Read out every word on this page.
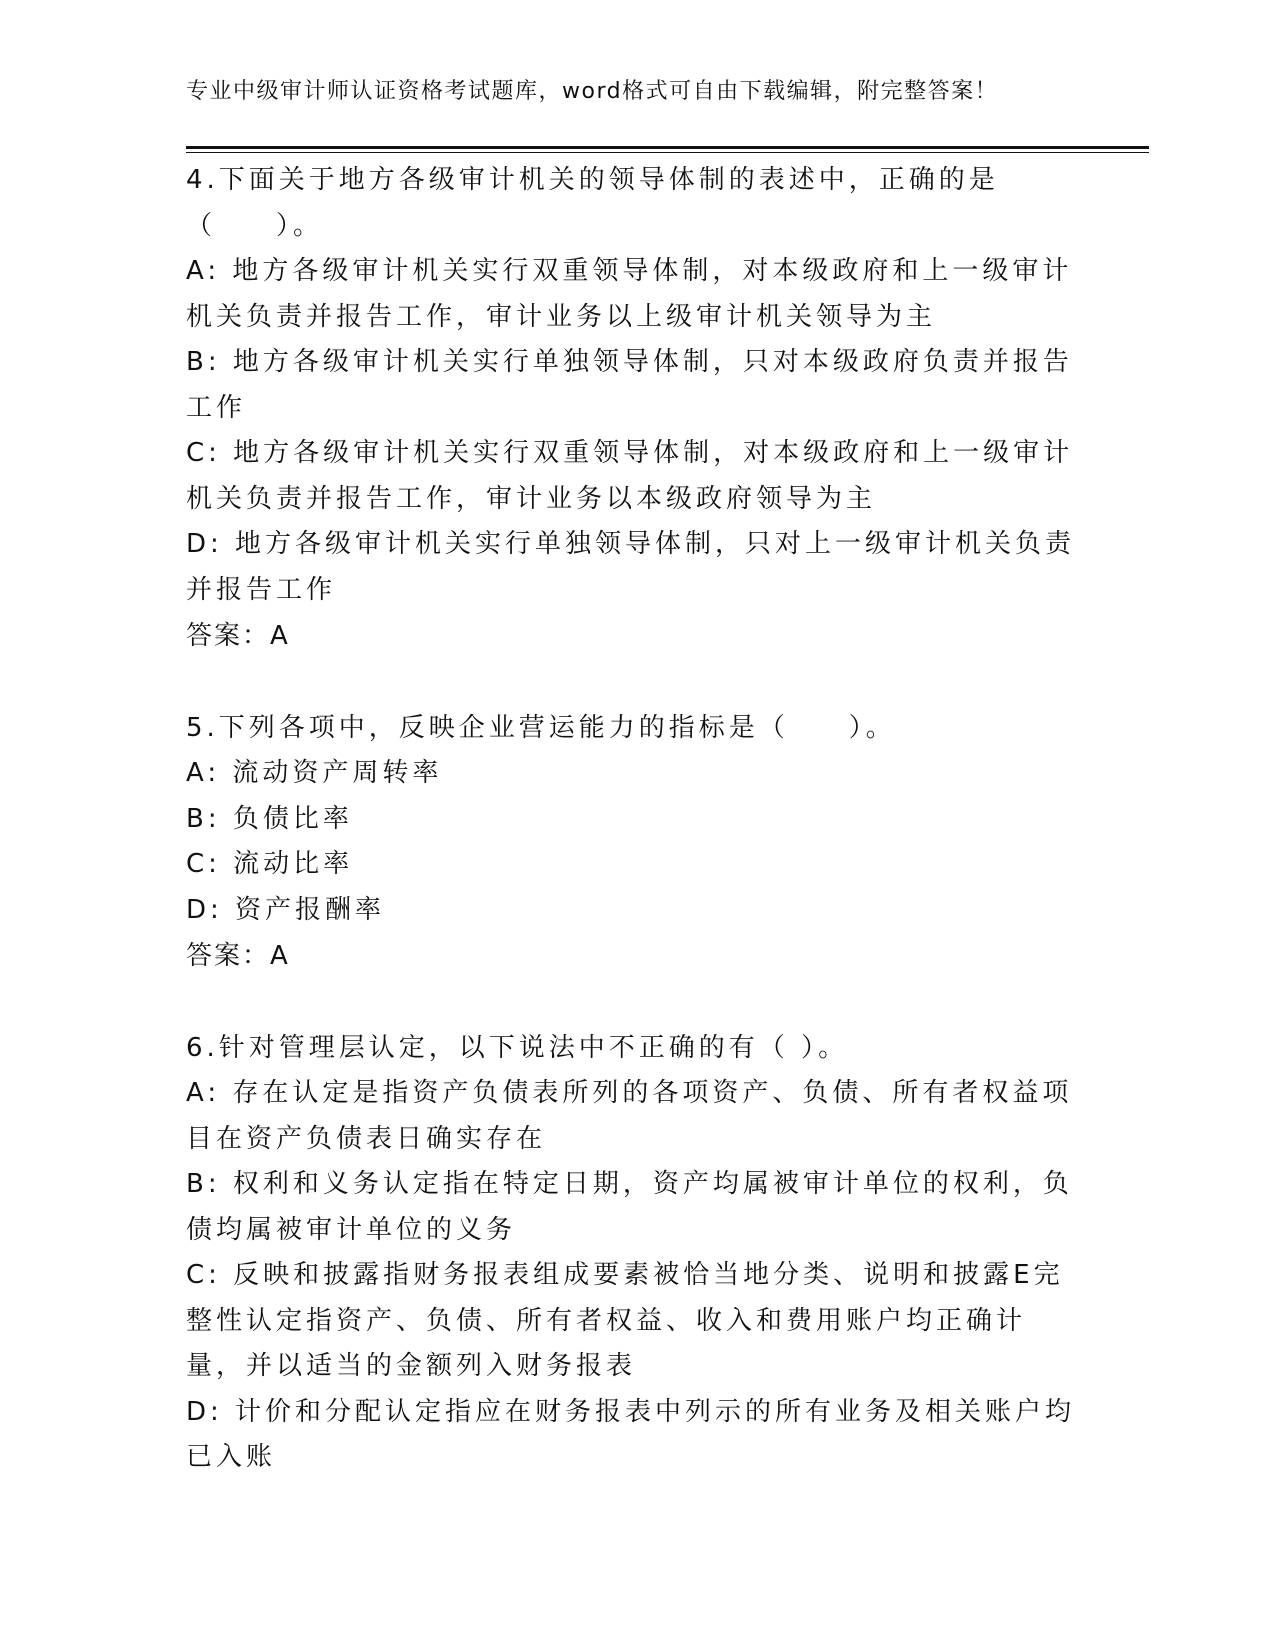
专业中级审计师认证资格考试题库，word格式可自由下载编辑，附完整答案！

4.下面关于地方各级审计机关的领导体制的表述中，正确的是（　　）。

A: 地方各级审计机关实行双重领导体制，对本级政府和上一级审计机关负责并报告工作，审计业务以上级审计机关领导为主

B: 地方各级审计机关实行单独领导体制，只对本级政府负责并报告工作

C: 地方各级审计机关实行双重领导体制，对本级政府和上一级审计机关负责并报告工作，审计业务以本级政府领导为主

D: 地方各级审计机关实行单独领导体制，只对上一级审计机关负责并报告工作

答案：A

5.下列各项中，反映企业营运能力的指标是（　　）。

A: 流动资产周转率

B: 负债比率

C: 流动比率

D: 资产报酬率

答案：A

6.针对管理层认定，以下说法中不正确的有（ ）。

A: 存在认定是指资产负债表所列的各项资产、负债、所有者权益项目在资产负债表日确实存在

B: 权利和义务认定指在特定日期，资产均属被审计单位的权利，负债均属被审计单位的义务

C: 反映和披露指财务报表组成要素被恰当地分类、说明和披露E完整性认定指资产、负债、所有者权益、收入和费用账户均正确计量，并以适当的金额列入财务报表

D: 计价和分配认定指应在财务报表中列示的所有业务及相关账户均已入账
